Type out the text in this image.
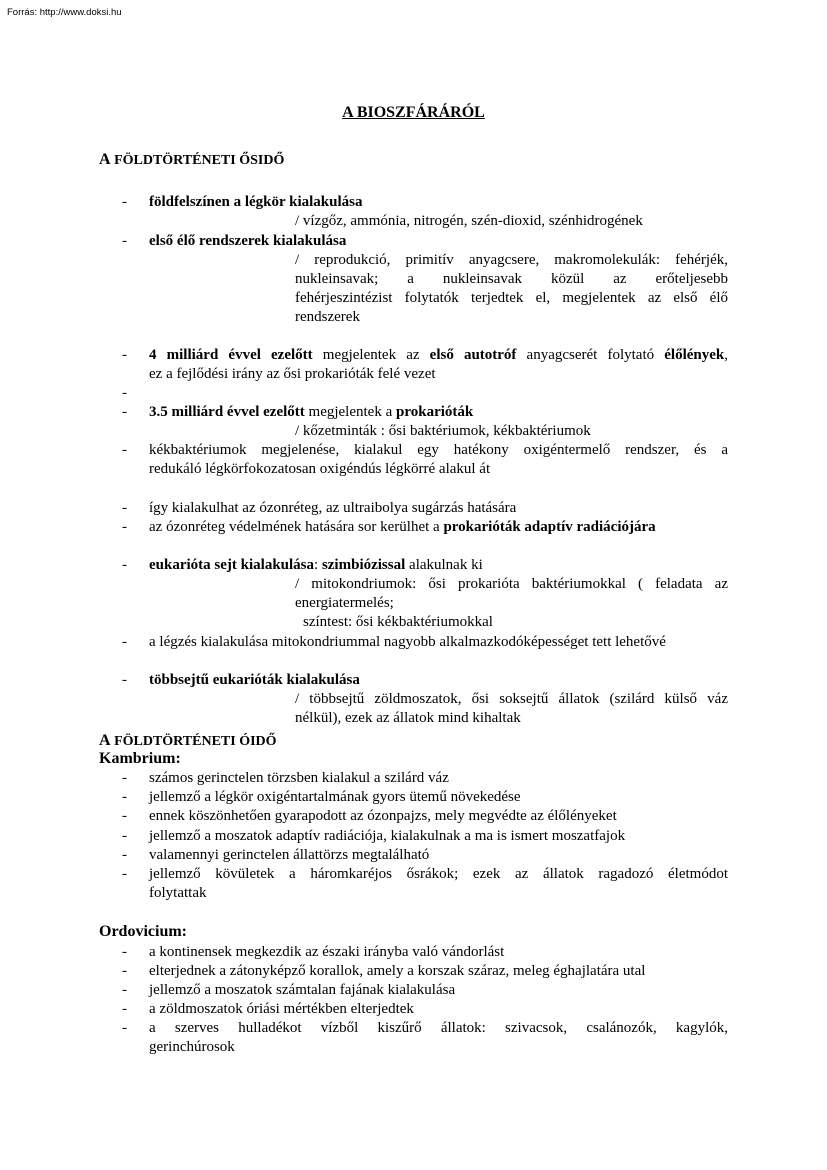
Forrás: http://www.doksi.hu
A BIOSZFÁRÁRÓL
A FÖLDTÖRTÉNETI ŐSIDŐ
- földfelszínen a légkör kialakulása
/ vízgőz, ammónia, nitrogén, szén-dioxid, szénhidrogének
- első élő rendszerek kialakulása
/ reprodukció, primitív anyagcsere, makromolekulák: fehérjék,
nukleinsavak; a nukleinsavak közül az erőteljesebb
fehérjeszintézist folytatók terjedtek el, megjelentek az első élő
rendszerek
- 4 milliárd évvel ezelőtt megjelentek az első autotróf anyagcserét folytató élőlények,
ez a fejlődési irány az ősi prokarióták felé vezet
-
- 3.5 milliárd évvel ezelőtt megjelentek a prokarióták
/ kőzetminták : ősi baktériumok, kékbaktériumok
- kékbaktériumok megjelenése, kialakul egy hatékony oxigéntermelő rendszer, és a
redukáló légkörfokozatosan oxigéndús légkörré alakul át
- így kialakulhat az ózonréteg, az ultraibolya sugárzás hatására
- az ózonréteg védelmének hatására sor kerülhet a prokarióták adaptív radiációjára
- eukarióta sejt kialakulása: szimbiózissal alakulnak ki
/ mitokondriumok: ősi prokarióta baktériumokkal ( feladata az
energiatermelés;
színtest: ősi kékbaktériumokkal
- a légzés kialakulása mitokondriummal nagyobb alkalmazkodóképességet tett lehetővé
- többsejtű eukarióták kialakulása
/ többsejtű zöldmoszatok, ősi soksejtű állatok (szilárd külső váz
nélkül), ezek az állatok mind kihaltak
A FÖLDTÖRTÉNETI ÓIDŐ
Kambrium:
- számos gerinctelen törzsben kialakul a szilárd váz
- jellemző a légkör oxigéntartalmának gyors ütemű növekedése
- ennek köszönhetően gyarapodott az ózonpajzs, mely megvédte az élőlényeket
- jellemző a moszatok adaptív radiációja, kialakulnak a ma is ismert moszatfajok
- valamennyi gerinctelen állattörzs megtalálható
- jellemző kövületek a háromkaréjos ősrákok; ezek az állatok ragadozó életmódot
folytattak
Ordovicium:
- a kontinensek megkezdik az északi irányba való vándorlást
- elterjednek a zátonyképző korallok, amely a korszak száraz, meleg éghajlatára utal
- jellemző a moszatok számtalan fajának kialakulása
- a zöldmoszatok óriási mértékben elterjedtek
- a szerves hulladékot vízből kiszűrő állatok: szivacsok, csalánozók, kagylók,
gerinchúrosok
